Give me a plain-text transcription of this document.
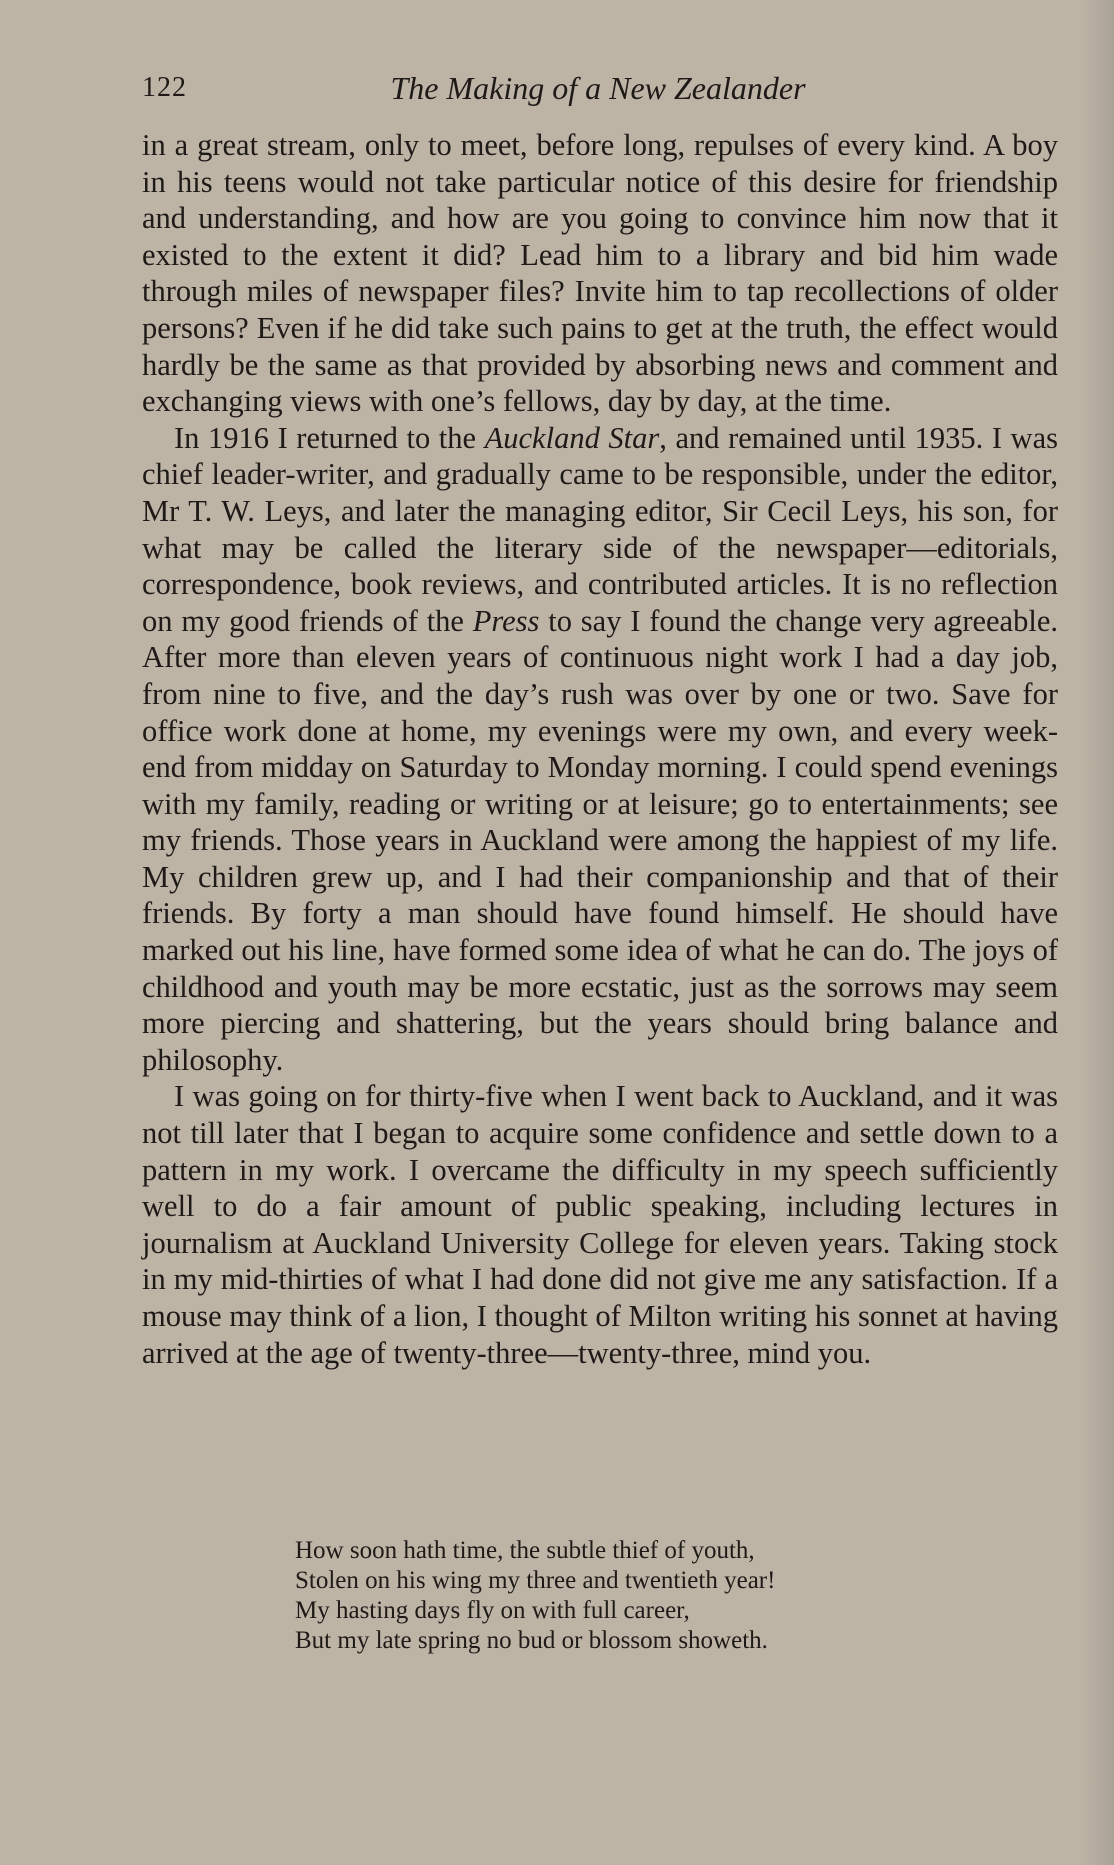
122	The Making of a New Zealander

in a great stream, only to meet, before long, repulses of every kind. A boy in his teens would not take particular notice of this desire for friendship and understanding, and how are you going to convince him now that it existed to the extent it did? Lead him to a library and bid him wade through miles of newspaper files? Invite him to tap recollections of older persons? Even if he did take such pains to get at the truth, the effect would hardly be the same as that provided by absorbing news and comment and exchanging views with one’s fellows, day by day, at the time.

In 1916 I returned to the Auckland Star, and remained until 1935. I was chief leader-writer, and gradually came to be responsible, under the editor, Mr T. W. Leys, and later the managing editor, Sir Cecil Leys, his son, for what may be called the literary side of the newspaper—editorials, correspondence, book reviews, and contributed articles. It is no reflection on my good friends of the Press to say I found the change very agreeable. After more than eleven years of continuous night work I had a day job, from nine to five, and the day’s rush was over by one or two. Save for office work done at home, my evenings were my own, and every week-end from midday on Saturday to Monday morning. I could spend evenings with my family, reading or writing or at leisure; go to entertainments; see my friends. Those years in Auckland were among the happiest of my life. My children grew up, and I had their companionship and that of their friends. By forty a man should have found himself. He should have marked out his line, have formed some idea of what he can do. The joys of childhood and youth may be more ecstatic, just as the sorrows may seem more piercing and shattering, but the years should bring balance and philosophy.

I was going on for thirty-five when I went back to Auckland, and it was not till later that I began to acquire some confidence and settle down to a pattern in my work. I overcame the difficulty in my speech sufficiently well to do a fair amount of public speaking, including lectures in journalism at Auckland University College for eleven years. Taking stock in my mid-thirties of what I had done did not give me any satisfaction. If a mouse may think of a lion, I thought of Milton writing his sonnet at having arrived at the age of twenty-three—twenty-three, mind you.

How soon hath time, the subtle thief of youth,
Stolen on his wing my three and twentieth year!
My hasting days fly on with full career,
But my late spring no bud or blossom showeth.
